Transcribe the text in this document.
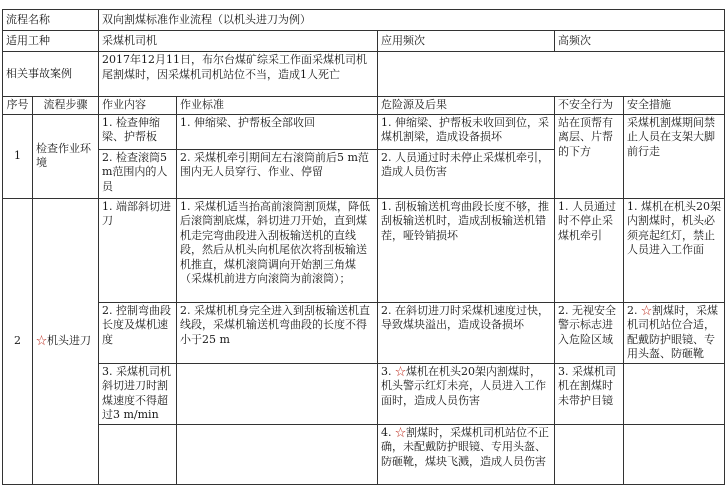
流程名称		双向割煤标准作业流程（以机头进刀为例）				
适用工种		采煤机司机		应用频次	高频次	
相关事故案例		2017年12月11日，布尔台煤矿综采工作面采煤机司机尾割煤时，因采煤机司机站位不当，造成1人死亡				
序号	流程步骤	作业内容	作业标准	危险源及后果	不安全行为	安全措施
1	检查作业环境	1. 检查伸缩梁、护帮板	1. 伸缩梁、护帮板全部收回	1. 伸缩梁、护帮板未收回到位，采煤机割梁，造成设备损坏	站在顶帮有离层、片帮的下方	采煤机割煤期间禁止人员在支架大脚前行走
		2. 检查滚筒5 m范围内的人员	2. 采煤机牵引期间左右滚筒前后5 m范围内无人员穿行、作业、停留	2. 人员通过时未停止采煤机牵引，造成人员伤害		
2	☆机头进刀	1. 端部斜切进刀	1. 采煤机适当抬高前滚筒割顶煤，降低后滚筒割底煤，斜切进刀开始，直到煤机走完弯曲段进入刮板输送机的直线段，然后从机头向机尾依次将刮板输送机推直，煤机滚筒调向开始割三角煤（采煤机前进方向滚筒为前滚筒）；	1. 刮板输送机弯曲段长度不够，推刮板输送机时，造成刮板输送机错茬，哑铃销损坏	1. 人员通过时不停止采煤机牵引	1. 煤机在机头20架内割煤时，机头必须亮起红灯，禁止人员进入工作面
		2. 控制弯曲段长度及煤机速度	2. 采煤机机身完全进入到刮板输送机直线段，采煤机输送机弯曲段的长度不得小于25 m	2. 在斜切进刀时采煤机速度过快，导致煤块溢出，造成设备损坏	2. 无视安全警示标志进入危险区域	2. ☆割煤时，采煤机司机站位合适，配戴防护眼镜、专用头盔、防砸靴
		3. 采煤机司机斜切进刀时割煤速度不得超过3 m/min		3. ☆煤机在机头20架内割煤时，机头警示红灯未亮，人员进入工作面时，造成人员伤害	3. 采煤机司机在割煤时未带护目镜	
				4. ☆割煤时，采煤机司机站位不正确，未配戴防护眼镜、专用头盔、防砸靴，煤块飞溅，造成人员伤害		
